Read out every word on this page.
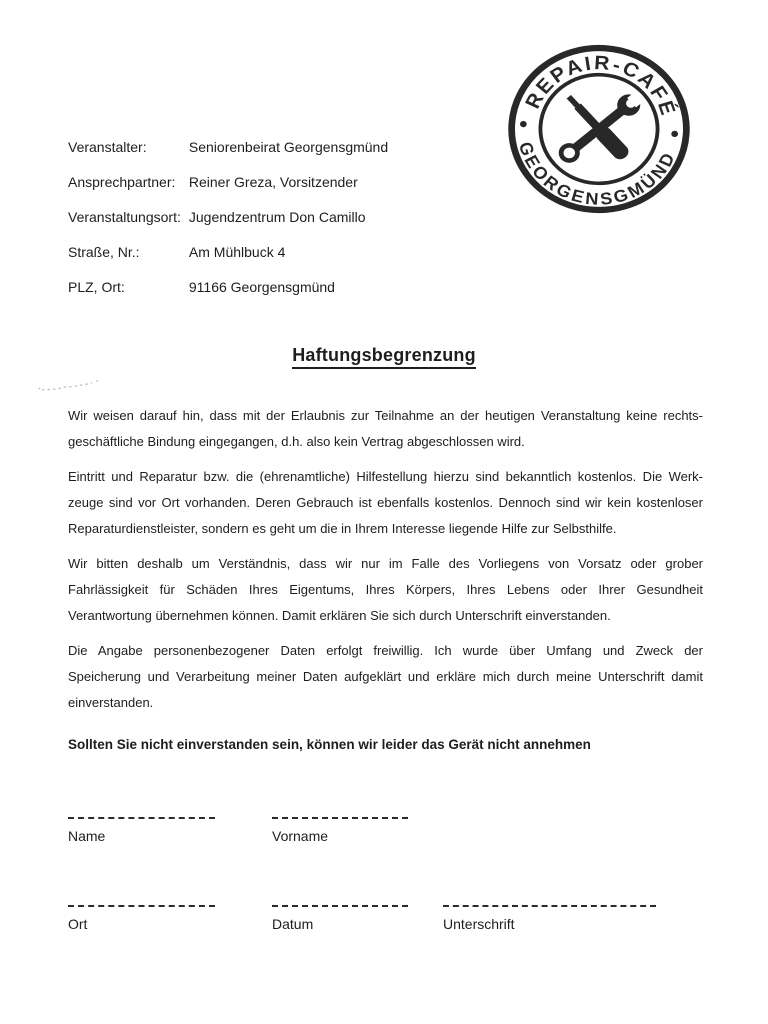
Veranstalter:	Seniorenbeirat Georgensgmünd
Ansprechpartner: Reiner Greza, Vorsitzender
Veranstaltungsort: Jugendzentrum Don Camillo
Straße, Nr.:	Am Mühlbuck 4
PLZ, Ort:	91166 Georgensgmünd
REPAIR-CAFÉ
GEORGENSGMÜND
Haftungsbegrenzung
Wir weisen darauf hin, dass mit der Erlaubnis zur Teilnahme an der heutigen Veranstaltung keine rechts-
geschäftliche Bindung eingegangen, d.h. also kein Vertrag abgeschlossen wird.
Eintritt und Reparatur bzw. die (ehrenamtliche) Hilfestellung hierzu sind bekanntlich kostenlos. Die Werk-
zeuge sind vor Ort vorhanden. Deren Gebrauch ist ebenfalls kostenlos. Dennoch sind wir kein kostenloser
Reparaturdienstleister, sondern es geht um die in Ihrem Interesse liegende Hilfe zur Selbsthilfe.
Wir bitten deshalb um Verständnis, dass wir nur im Falle des Vorliegens von Vorsatz oder grober
Fahrlässigkeit für Schäden Ihres Eigentums, Ihres Körpers, Ihres Lebens oder Ihrer Gesundheit
Verantwortung übernehmen können. Damit erklären Sie sich durch Unterschrift einverstanden.
Die Angabe personenbezogener Daten erfolgt freiwillig. Ich wurde über Umfang und Zweck der
Speicherung und Verarbeitung meiner Daten aufgeklärt und erkläre mich durch meine Unterschrift damit
einverstanden.
Sollten Sie nicht einverstanden sein, können wir leider das Gerät nicht annehmen
Name	Vorname
Ort	Datum	Unterschrift
